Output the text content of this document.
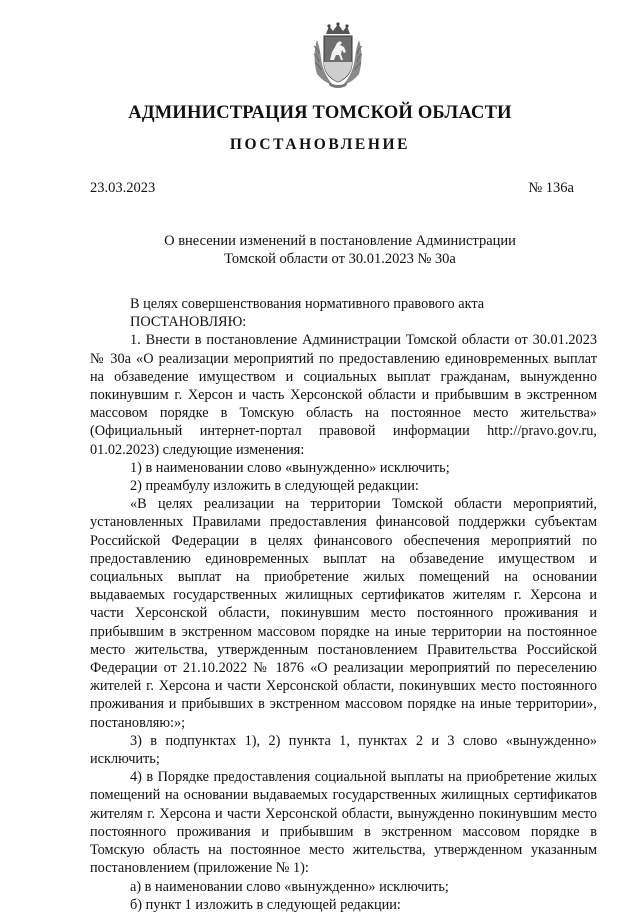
АДМИНИСТРАЦИЯ ТОМСКОЙ ОБЛАСТИ
ПОСТАНОВЛЕНИЕ
23.03.2023	№ 136а
О внесении изменений в постановление Администрации
Томской области от 30.01.2023 № 30а

В целях совершенствования нормативного правового акта

ПОСТАНОВЛЯЮ:

1. Внести в постановление Администрации Томской области от 30.01.2023 № 30а «О реализации мероприятий по предоставлению единовременных выплат на обзаведение имуществом и социальных выплат гражданам, вынужденно покинувшим г. Херсон и часть Херсонской области и прибывшим в экстренном массовом порядке в Томскую область на постоянное место жительства» (Официальный интернет-портал правовой информации http://pravo.gov.ru, 01.02.2023) следующие изменения:

1) в наименовании слово «вынужденно» исключить;

2) преамбулу изложить в следующей редакции:

«В целях реализации на территории Томской области мероприятий, установленных Правилами предоставления финансовой поддержки субъектам Российской Федерации в целях финансового обеспечения мероприятий по предоставлению единовременных выплат на обзаведение имуществом и социальных выплат на приобретение жилых помещений на основании выдаваемых государственных жилищных сертификатов жителям г. Херсона и части Херсонской области, покинувшим место постоянного проживания и прибывшим в экстренном массовом порядке на иные территории на постоянное место жительства, утвержденным постановлением Правительства Российской Федерации от 21.10.2022 № 1876 «О реализации мероприятий по переселению жителей г. Херсона и части Херсонской области, покинувших место постоянного проживания и прибывших в экстренном массовом порядке на иные территории», постановляю:»;

3) в подпунктах 1), 2) пункта 1, пунктах 2 и 3 слово «вынужденно» исключить;

4) в Порядке предоставления социальной выплаты на приобретение жилых помещений на основании выдаваемых государственных жилищных сертификатов жителям г. Херсона и части Херсонской области, вынужденно покинувшим место постоянного проживания и прибывшим в экстренном массовом порядке в Томскую область на постоянное место жительства, утвержденном указанным постановлением (приложение № 1):

а) в наименовании слово «вынужденно» исключить;

б) пункт 1 изложить в следующей редакции:
